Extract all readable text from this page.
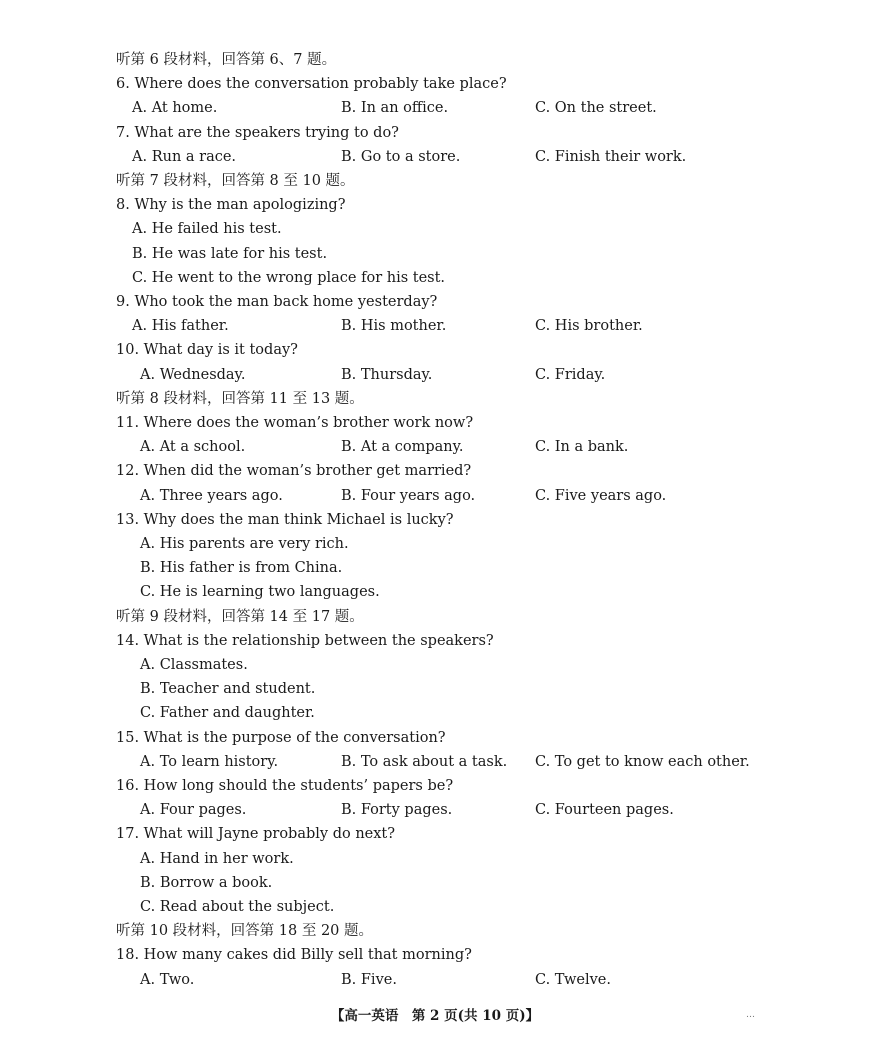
听第 6 段材料，回答第 6、7 题。
6. Where does the conversation probably take place?
A. At home.	B. In an office.	C. On the street.
7. What are the speakers trying to do?
A. Run a race.	B. Go to a store.	C. Finish their work.
听第 7 段材料，回答第 8 至 10 题。
8. Why is the man apologizing?
A. He failed his test.
B. He was late for his test.
C. He went to the wrong place for his test.
9. Who took the man back home yesterday?
A. His father.	B. His mother.	C. His brother.
10. What day is it today?
A. Wednesday.	B. Thursday.	C. Friday.
听第 8 段材料，回答第 11 至 13 题。
11. Where does the woman’s brother work now?
A. At a school.	B. At a company.	C. In a bank.
12. When did the woman’s brother get married?
A. Three years ago.	B. Four years ago.	C. Five years ago.
13. Why does the man think Michael is lucky?
A. His parents are very rich.
B. His father is from China.
C. He is learning two languages.
听第 9 段材料，回答第 14 至 17 题。
14. What is the relationship between the speakers?
A. Classmates.
B. Teacher and student.
C. Father and daughter.
15. What is the purpose of the conversation?
A. To learn history.	B. To ask about a task. C. To get to know each other.
16. How long should the students’ papers be?
A. Four pages.	B. Forty pages.	C. Fourteen pages.
17. What will Jayne probably do next?
A. Hand in her work.
B. Borrow a book.
C. Read about the subject.
听第 10 段材料，回答第 18 至 20 题。
18. How many cakes did Billy sell that morning?
A. Two.	B. Five.	C. Twelve.
【高一英语　第 2 页(共 10 页)】	…
